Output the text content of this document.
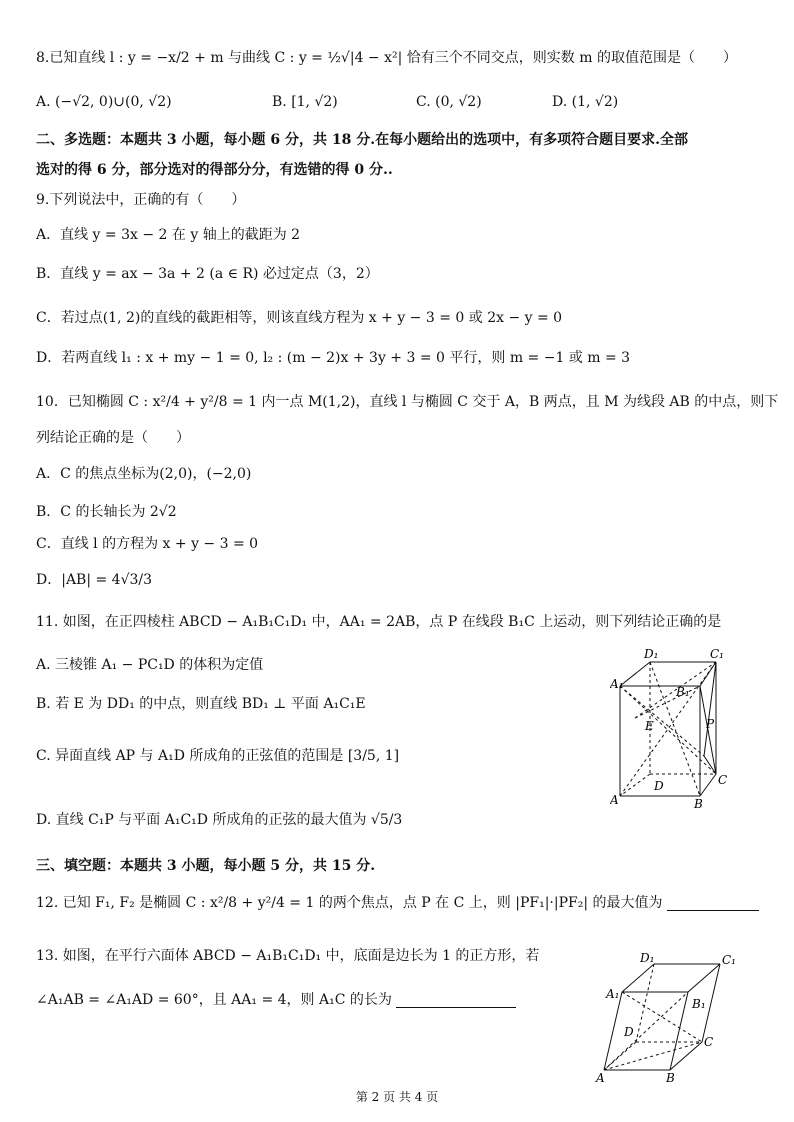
8.已知直线 l : y = −x/2 + m 与曲线 C : y = ½√|4 − x²| 恰有三个不同交点，则实数 m 的取值范围是（　　）
A. (−√2, 0)∪(0, √2)	B. [1, √2)	C. (0, √2)	D. (1, √2)
二、多选题：本题共 3 小题，每小题 6 分，共 18 分.在每小题给出的选项中，有多项符合题目要求.全部
选对的得 6 分，部分选对的得部分分，有选错的得 0 分..
9.下列说法中，正确的有（　　）
A．直线 y = 3x − 2 在 y 轴上的截距为 2
B．直线 y = ax − 3a + 2 (a ∈ R) 必过定点（3，2）
C．若过点(1, 2)的直线的截距相等，则该直线方程为 x + y − 3 = 0 或 2x − y = 0
D．若两直线 l₁ : x + my − 1 = 0, l₂ : (m − 2)x + 3y + 3 = 0 平行，则 m = −1 或 m = 3
10．已知椭圆 C : x²/4 + y²/8 = 1 内一点 M(1,2)，直线 l 与椭圆 C 交于 A，B 两点，且 M 为线段 AB 的中点，则下
列结论正确的是（　　）
A．C 的焦点坐标为(2,0)，(−2,0)
B．C 的长轴长为 2√2
C．直线 l 的方程为 x + y − 3 = 0
D．|AB| = 4√3/3
11. 如图，在正四棱柱 ABCD − A₁B₁C₁D₁ 中，AA₁ = 2AB，点 P 在线段 B₁C 上运动，则下列结论正确的是
A. 三棱锥 A₁ − PC₁D 的体积为定值
B. 若 E 为 DD₁ 的中点，则直线 BD₁ ⊥ 平面 A₁C₁E
C. 异面直线 AP 与 A₁D 所成角的正弦值的范围是 [3/5, 1]
D. 直线 C₁P 与平面 A₁C₁D 所成角的正弦的最大值为 √5/3
D₁	C₁
A₁
B₁
E	P
D	C
A	B
三、填空题：本题共 3 小题，每小题 5 分，共 15 分.
12. 已知 F₁, F₂ 是椭圆 C : x²/8 + y²/4 = 1 的两个焦点，点 P 在 C 上，则 |PF₁|·|PF₂| 的最大值为
13. 如图，在平行六面体 ABCD − A₁B₁C₁D₁ 中，底面是边长为 1 的正方形，若
∠A₁AB = ∠A₁AD = 60°，且 AA₁ = 4，则 A₁C 的长为
D₁	C₁
A₁
B₁
D
C
A	B
第 2 页 共 4 页
